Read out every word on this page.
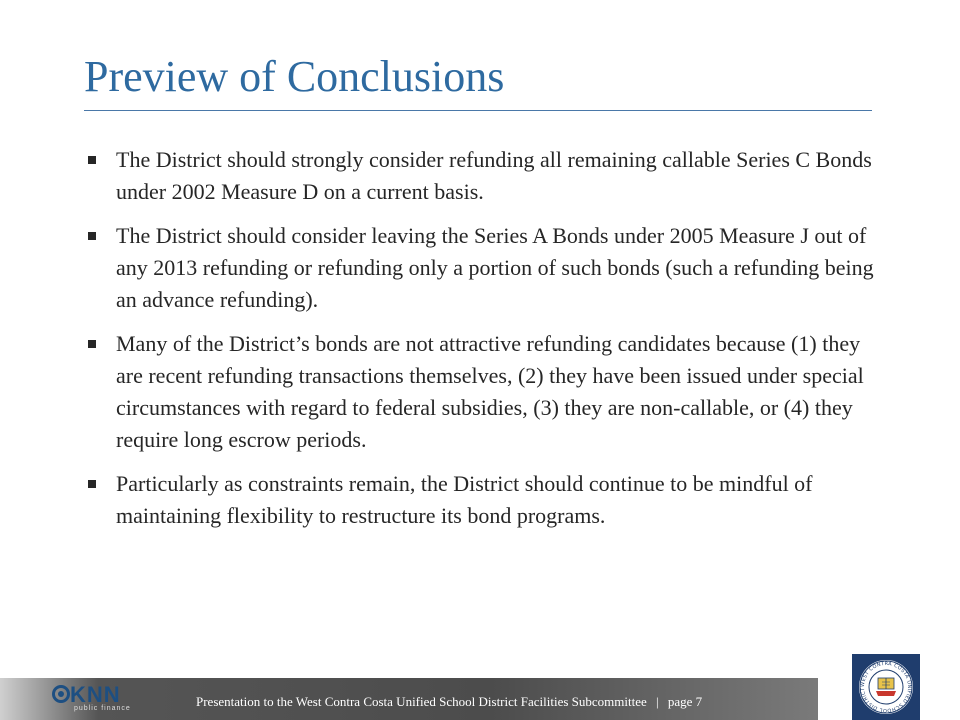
Preview of Conclusions
The District should strongly consider refunding all remaining callable Series C Bonds under 2002 Measure D on a current basis.
The District should consider leaving the Series A Bonds under 2005 Measure J out of any 2013 refunding or refunding only a portion of such bonds (such a refunding being an advance refunding).
Many of the District’s bonds are not attractive refunding candidates because (1) they are recent refunding transactions themselves, (2) they have been issued under special circumstances with regard to federal subsidies, (3) they are non-callable, or (4) they require long escrow periods.
Particularly as constraints remain, the District should continue to be mindful of maintaining flexibility to restructure its bond programs.
KNN
public finance	Presentation to the West Contra Costa Unified School District Facilities Subcommittee | page 7
WEST CONTRA COSTA UNIFIED SCHOOL DISTRICT
